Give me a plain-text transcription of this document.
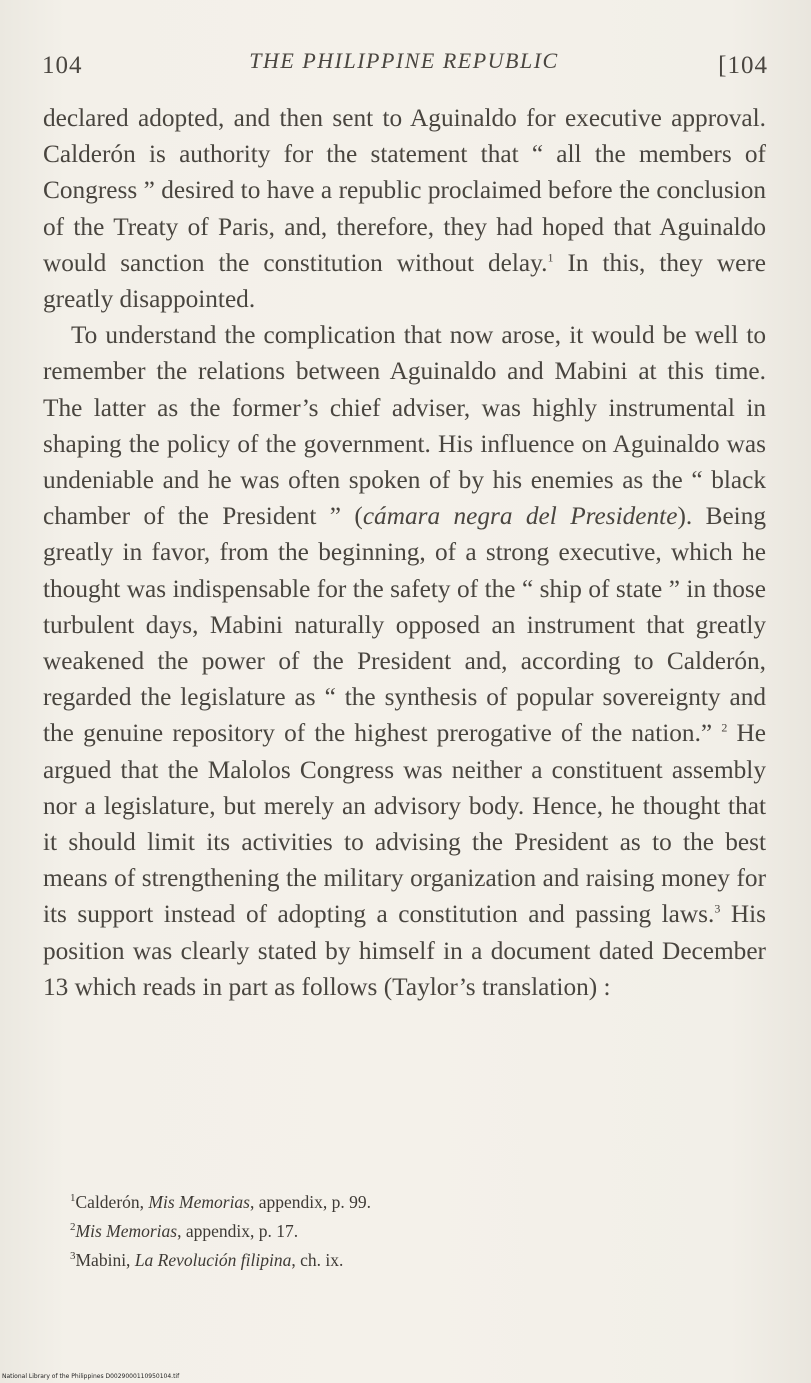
104	THE PHILIPPINE REPUBLIC	[104

declared adopted, and then sent to Aguinaldo for executive approval. Calderón is authority for the statement that “ all the members of Congress ” desired to have a republic proclaimed before the conclusion of the Treaty of Paris, and, therefore, they had hoped that Aguinaldo would sanction the constitution without delay.$^1$ In this, they were greatly disappointed.

To understand the complication that now arose, it would be well to remember the relations between Aguinaldo and Mabini at this time. The latter as the former’s chief adviser, was highly instrumental in shaping the policy of the government. His influence on Aguinaldo was undeniable and he was often spoken of by his enemies as the “ black chamber of the President ” (cámara negra del Presidente). Being greatly in favor, from the beginning, of a strong executive, which he thought was indispensable for the safety of the “ ship of state ” in those turbulent days, Mabini naturally opposed an instrument that greatly weakened the power of the President and, according to Calderón, regarded the legislature as “ the synthesis of popular sovereignty and the genuine repository of the highest prerogative of the nation.” $^2$ He argued that the Malolos Congress was neither a constituent assembly nor a legislature, but merely an advisory body. Hence, he thought that it should limit its activities to advising the President as to the best means of strengthening the military organization and raising money for its support instead of adopting a constitution and passing laws.$^3$ His position was clearly stated by himself in a document dated December 13 which reads in part as follows (Taylor’s translation) :

$^1$Calderón, Mis Memorias, appendix, p. 99.
$^2$Mis Memorias, appendix, p. 17.
$^3$Mabini, La Revolución filipina, ch. ix.
National Library of the Philippines D0029000110950104.tif
